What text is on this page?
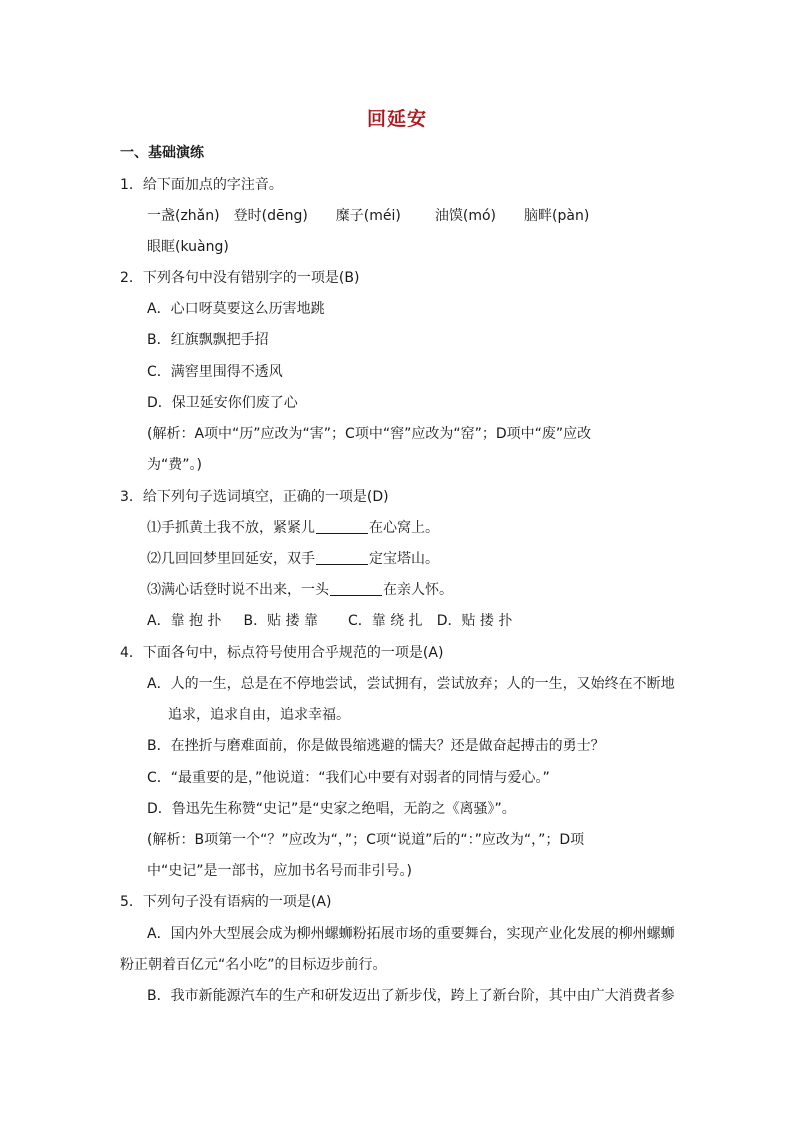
回延安
一、基础演练
1．给下面加点的字注音。
一盏(zhǎn) 登时(dēng) 糜子(méi) 油馍(mó) 脑畔(pàn)
眼眶(kuàng)
2．下列各句中没有错别字的一项是(B)
A．心口呀莫要这么历害地跳
B．红旗飘飘把手招
C．满窖里围得不透风
D．保卫延安你们废了心
(解析：A项中“历”应改为“害”；C项中“窖”应改为“窑”；D项中“废”应改
为“费”。)
3．给下列句子选词填空，正确的一项是(D)
⑴手抓黄土我不放，紧紧儿	在心窝上。
⑵几回回梦里回延安，双手	定宝塔山。
⑶满心话登时说不出来，一头	在亲人怀。
A．靠 抱 扑 B．贴 搂 靠 C．靠 绕 扎 D．贴 搂 扑
4．下面各句中，标点符号使用合乎规范的一项是(A)
A．人的一生，总是在不停地尝试，尝试拥有，尝试放弃；人的一生，又始终在不断地
追求，追求自由，追求幸福。
B．在挫折与磨难面前，你是做畏缩逃避的懦夫？还是做奋起搏击的勇士？
C．“最重要的是，”他说道：“我们心中要有对弱者的同情与爱心。”
D．鲁迅先生称赞“史记”是“史家之绝唱，无韵之《离骚》”。
(解析：B项第一个“？”应改为“，”；C项“说道”后的“：”应改为“，”；D项
中“史记”是一部书，应加书名号而非引号。)
5．下列句子没有语病的一项是(A)
A．国内外大型展会成为柳州螺蛳粉拓展市场的重要舞台，实现产业化发展的柳州螺蛳
粉正朝着百亿元“名小吃”的目标迈步前行。
B．我市新能源汽车的生产和研发迈出了新步伐，跨上了新台阶，其中由广大消费者参
